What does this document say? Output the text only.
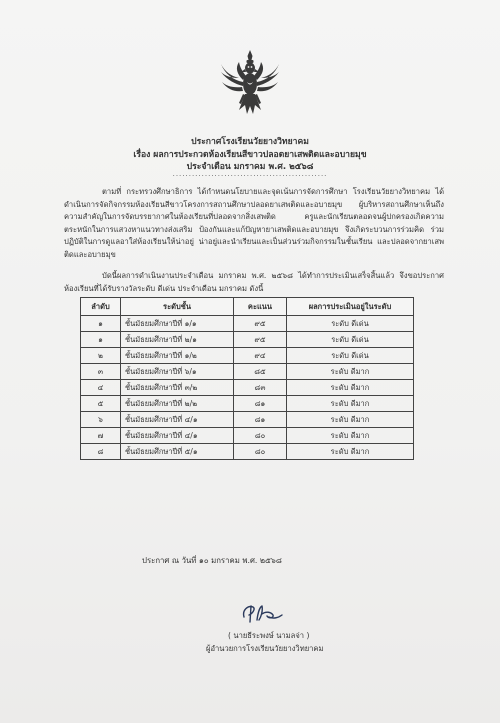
ประกาศโรงเรียนวัยยางวิทยาคม
เรื่อง ผลการประกวดห้องเรียนสีขาวปลอดยาเสพติดและอบายมุข
ประจำเดือน มกราคม พ.ศ. ๒๕๖๘
................................................
ตามที่ กระทรวงศึกษาธิการ ได้กำหนดนโยบายและจุดเน้นการจัดการศึกษา โรงเรียนวัยยางวิทยาคม ได้ดำเนินการจัดกิจกรรมห้องเรียนสีขาวโครงการสถานศึกษาปลอดยาเสพติดและอบายมุข ผู้บริหารสถานศึกษาเห็นถึงความสำคัญในการจัดบรรยากาศในห้องเรียนที่ปลอดจากสิ่งเสพติด ครูและนักเรียนตลอดจนผู้ปกครองเกิดความตระหนักในการแสวงหาแนวทางส่งเสริม ป้องกันและแก้ปัญหายาเสพติดและอบายมุข จึงเกิดระบวนการร่วมคิด ร่วมปฏิบัติในการดูแลอาใส่ห้องเรียนให้น่าอยู่ น่าอยู่และนำเรียนและเป็นส่วนร่วมกิจกรรมในชั้นเรียน และปลอดจากยาเสพติดและอบายมุข
บัดนี้ผลการดำเนินงานประจำเดือน มกราคม พ.ศ. ๒๕๖๘ ได้ทำการประเมินเสร็จสิ้นแล้ว จึงขอประกาศห้องเรียนที่ได้รับรางวัลระดับ ดีเด่น ประจำเดือน มกราคม ดังนี้
ลำดับ	ระดับชั้น	คะแนน	ผลการประเมินอยู่ในระดับ
๑	ชั้นมัธยมศึกษาปีที่ ๑/๑	๙๕	ระดับ ดีเด่น
๑	ชั้นมัธยมศึกษาปีที่ ๒/๑	๙๕	ระดับ ดีเด่น
๒	ชั้นมัธยมศึกษาปีที่ ๑/๒	๙๔	ระดับ ดีเด่น
๓	ชั้นมัธยมศึกษาปีที่ ๖/๑	๘๕	ระดับ ดีมาก
๔	ชั้นมัธยมศึกษาปีที่ ๓/๒	๘๓	ระดับ ดีมาก
๕	ชั้นมัธยมศึกษาปีที่ ๒/๒	๘๑	ระดับ ดีมาก
๖	ชั้นมัธยมศึกษาปีที่ ๔/๑	๘๑	ระดับ ดีมาก
๗	ชั้นมัธยมศึกษาปีที่ ๔/๑	๘๐	ระดับ ดีมาก
๘	ชั้นมัธยมศึกษาปีที่ ๕/๑	๘๐	ระดับ ดีมาก
ประกาศ ณ วันที่ ๑๐ มกราคม พ.ศ. ๒๕๖๘
( นายธีระพงษ์ นามลจ่า )
ผู้อำนวยการโรงเรียนวัยยางวิทยาคม
